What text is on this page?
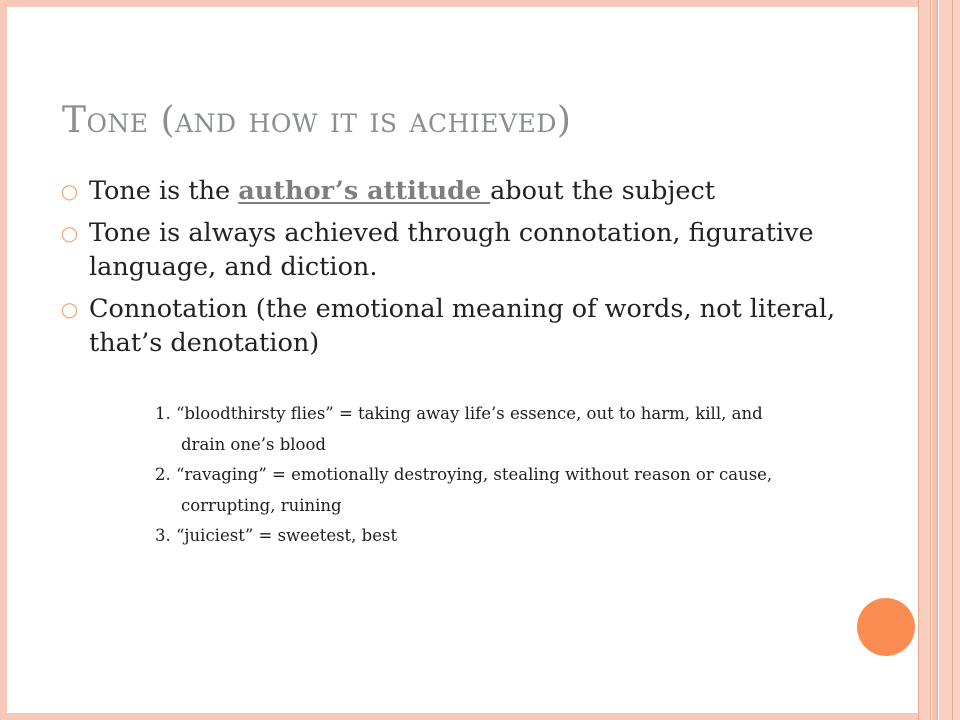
Tone (and how it is achieved)
○ Tone is the author’s attitude about the subject
○ Tone is always achieved through connotation, figurative language, and diction.
○ Connotation (the emotional meaning of words, not literal, that’s denotation)
1. “bloodthirsty flies” = taking away life’s essence, out to harm, kill, and
drain one’s blood
2. “ravaging” = emotionally destroying, stealing without reason or cause,
corrupting, ruining
3. “juiciest” = sweetest, best
